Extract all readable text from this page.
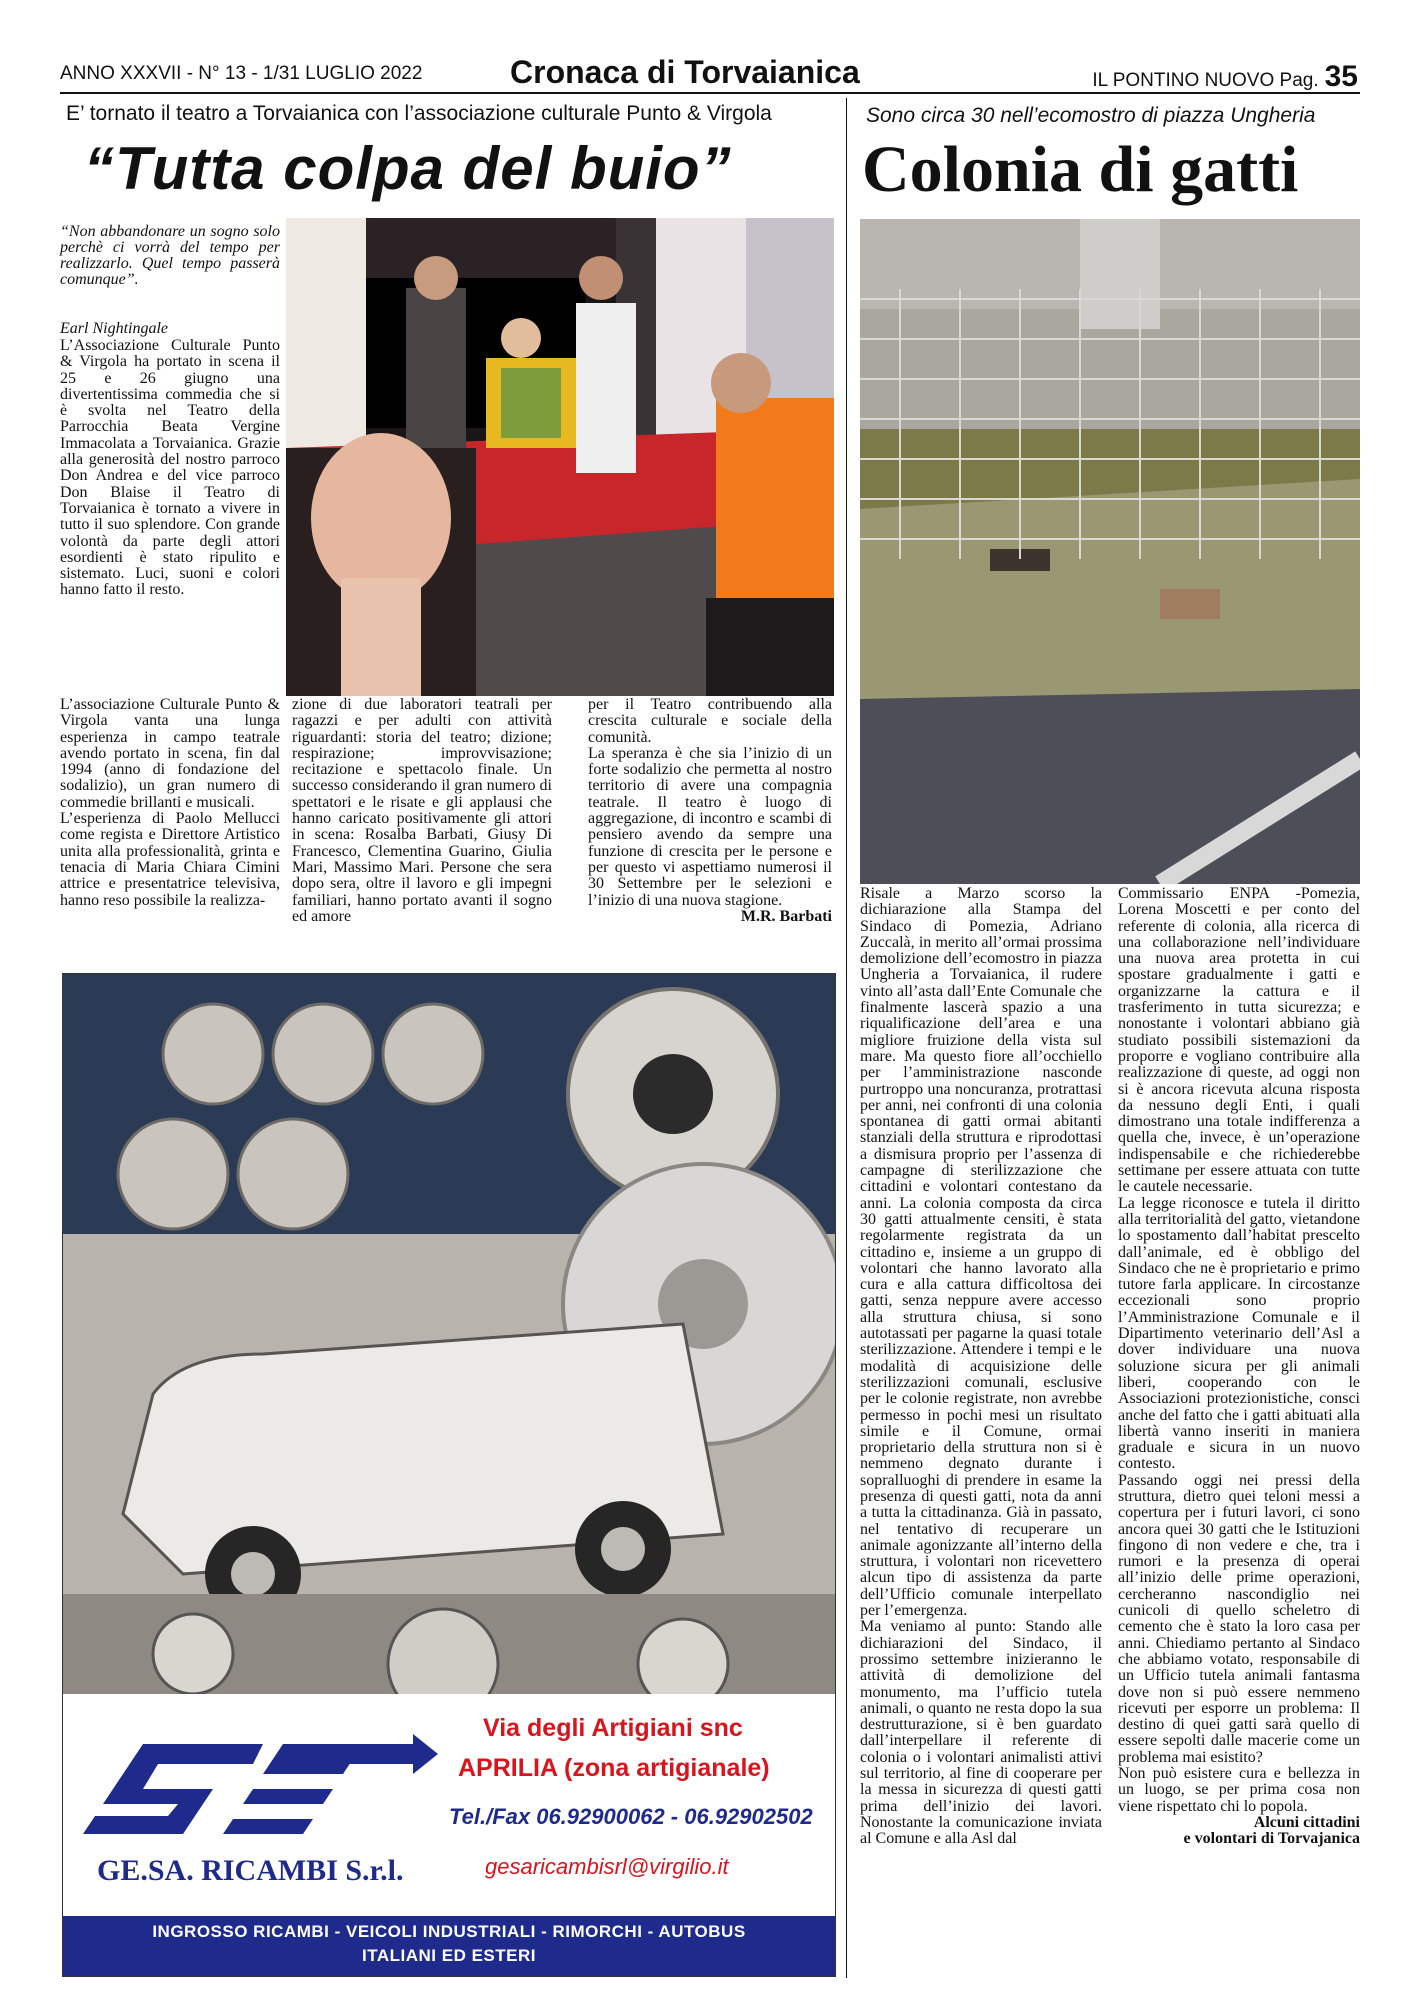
ANNO XXXVII - N° 13 - 1/31 LUGLIO 2022	Cronaca di Torvaianica	IL PONTINO NUOVO Pag. 35
E’ tornato il teatro a Torvaianica con l’associazione culturale Punto & Virgola
“Tutta colpa del buio”
“Non abbandonare un sogno solo perchè ci vorrà del tempo per realizzarlo. Quel tempo passerà comunque”.
Earl Nightingale
L’Associazione Culturale Punto & Virgola ha portato in scena il 25 e 26 giugno una divertentissima commedia che si è svolta nel Teatro della Parrocchia Beata Vergine Immacolata a Torvaianica. Grazie alla generosità del nostro parroco Don Andrea e del vice parroco Don Blaise il Teatro di Torvaianica è tornato a vivere in tutto il suo splendore. Con grande volontà da parte degli attori esordienti è stato ripulito e sistemato. Luci, suoni e colori hanno fatto il resto.

L’associazione Culturale Punto & Virgola vanta una lunga esperienza in campo teatrale avendo portato in scena, fin dal 1994 (anno di fondazione del sodalizio), un gran numero di commedie brillanti e musicali.

L’esperienza di Paolo Mellucci come regista e Direttore Artistico unita alla professionalità, grinta e tenacia di Maria Chiara Cimini attrice e presentatrice televisiva, hanno reso possibile la realizza-

zione di due laboratori teatrali per ragazzi e per adulti con attività riguardanti: storia del teatro; dizione; respirazione; improvvisazione; recitazione e spettacolo finale. Un successo considerando il gran numero di spettatori e le risate e gli applausi che hanno caricato positivamente gli attori in scena: Rosalba Barbati, Giusy Di Francesco, Clementina Guarino, Giulia Mari, Massimo Mari. Persone che sera dopo sera, oltre il lavoro e gli impegni familiari, hanno portato avanti il sogno ed amore

per il Teatro contribuendo alla crescita culturale e sociale della comunità.

La speranza è che sia l’inizio di un forte sodalizio che permetta al nostro territorio di avere una compagnia teatrale. Il teatro è luogo di aggregazione, di incontro e scambi di pensiero avendo da sempre una funzione di crescita per le persone e per questo vi aspettiamo numerosi il 30 Settembre per le selezioni e l’inizio di una nuova stagione.

M.R. Barbati

Sono circa 30 nell’ecomostro di piazza Ungheria
Colonia di gatti

Risale a Marzo scorso la dichiarazione alla Stampa del Sindaco di Pomezia, Adriano Zuccalà, in merito all’ormai prossima demolizione dell’ecomostro in piazza Ungheria a Torvaianica, il rudere vinto all’asta dall’Ente Comunale che finalmente lascerà spazio a una riqualificazione dell’area e una migliore fruizione della vista sul mare. Ma questo fiore all’occhiello per l’amministrazione nasconde purtroppo una noncuranza, protrattasi per anni, nei confronti di una colonia spontanea di gatti ormai abitanti stanziali della struttura e riprodottasi a dismisura proprio per l’assenza di campagne di sterilizzazione che cittadini e volontari contestano da anni. La colonia composta da circa 30 gatti attualmente censiti, è stata regolarmente registrata da un cittadino e, insieme a un gruppo di volontari che hanno lavorato alla cura e alla cattura difficoltosa dei gatti, senza neppure avere accesso alla struttura chiusa, si sono autotassati per pagarne la quasi totale sterilizzazione. Attendere i tempi e le modalità di acquisizione delle sterilizzazioni comunali, esclusive per le colonie registrate, non avrebbe permesso in pochi mesi un risultato simile e il Comune, ormai proprietario della struttura non si è nemmeno degnato durante i sopralluoghi di prendere in esame la presenza di questi gatti, nota da anni a tutta la cittadinanza. Già in passato, nel tentativo di recuperare un animale agonizzante all’interno della struttura, i volontari non ricevettero alcun tipo di assistenza da parte dell’Ufficio comunale interpellato per l’emergenza.

Ma veniamo al punto: Stando alle dichiarazioni del Sindaco, il prossimo settembre inizieranno le attività di demolizione del monumento, ma l’ufficio tutela animali, o quanto ne resta dopo la sua destrutturazione, si è ben guardato dall’interpellare il referente di colonia o i volontari animalisti attivi sul territorio, al fine di cooperare per la messa in sicurezza di questi gatti prima dell’inizio dei lavori. Nonostante la comunicazione inviata al Comune e alla Asl dal

Commissario ENPA -Pomezia, Lorena Moscetti e per conto del referente di colonia, alla ricerca di una collaborazione nell’individuare una nuova area protetta in cui spostare gradualmente i gatti e organizzarne la cattura e il trasferimento in tutta sicurezza; e nonostante i volontari abbiano già studiato possibili sistemazioni da proporre e vogliano contribuire alla realizzazione di queste, ad oggi non si è ancora ricevuta alcuna risposta da nessuno degli Enti, i quali dimostrano una totale indifferenza a quella che, invece, è un’operazione indispensabile e che richiederebbe settimane per essere attuata con tutte le cautele necessarie.

La legge riconosce e tutela il diritto alla territorialità del gatto, vietandone lo spostamento dall’habitat prescelto dall’animale, ed è obbligo del Sindaco che ne è proprietario e primo tutore farla applicare. In circostanze eccezionali sono proprio l’Amministrazione Comunale e il Dipartimento veterinario dell’Asl a dover individuare una nuova soluzione sicura per gli animali liberi, cooperando con le Associazioni protezionistiche, consci anche del fatto che i gatti abituati alla libertà vanno inseriti in maniera graduale e sicura in un nuovo contesto.

Passando oggi nei pressi della struttura, dietro quei teloni messi a copertura per i futuri lavori, ci sono ancora quei 30 gatti che le Istituzioni fingono di non vedere e che, tra i rumori e la presenza di operai all’inizio delle prime operazioni, cercheranno nascondiglio nei cunicoli di quello scheletro di cemento che è stato la loro casa per anni. Chiediamo pertanto al Sindaco che abbiamo votato, responsabile di un Ufficio tutela animali fantasma dove non si può essere nemmeno ricevuti per esporre un problema: Il destino di quei gatti sarà quello di essere sepolti dalle macerie come un problema mai esistito?

Non può esistere cura e bellezza in un luogo, se per prima cosa non viene rispettato chi lo popola.

Alcuni cittadini

e volontari di Torvajanica

GE.SA. RICAMBI S.r.l.
Via degli Artigiani snc
APRILIA (zona artigianale)
Tel./Fax 06.92900062 - 06.92902502
gesaricambisrl@virgilio.it
INGROSSO RICAMBI - VEICOLI INDUSTRIALI - RIMORCHI - AUTOBUS
ITALIANI ED ESTERI
